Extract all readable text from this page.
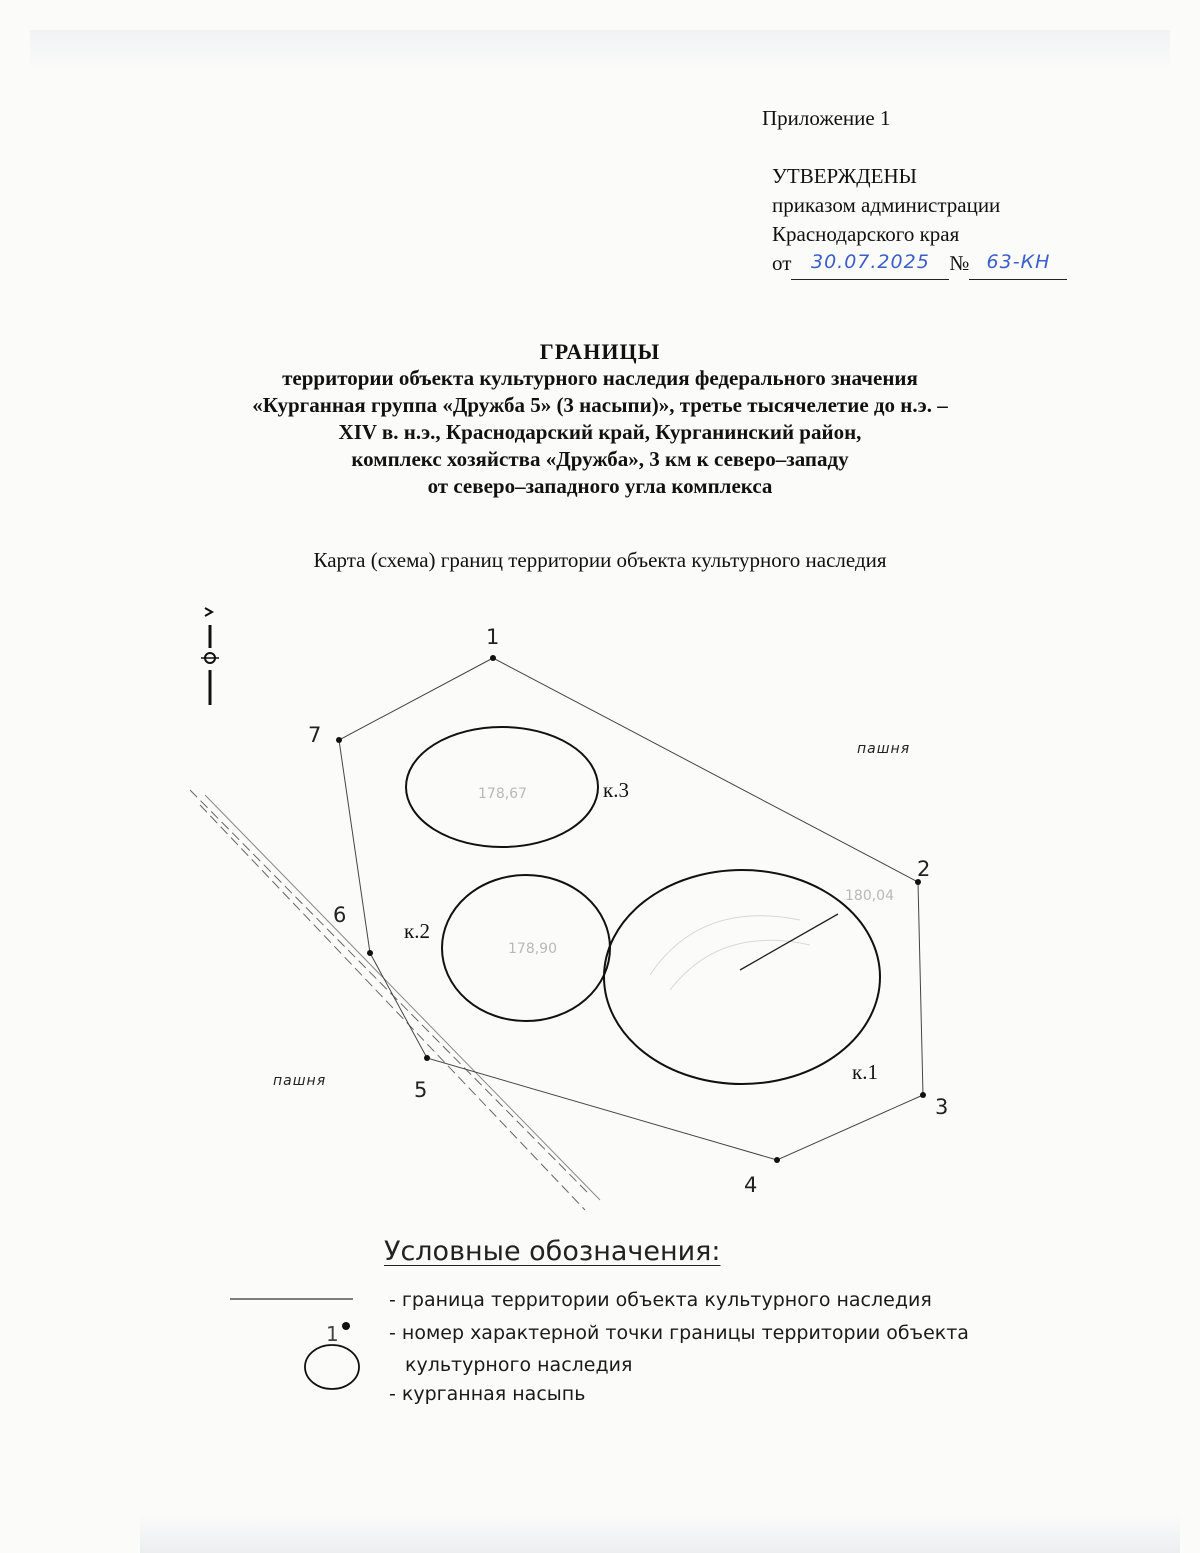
Приложение 1
УТВЕРЖДЕНЫ
приказом администрации
Краснодарского края
от 30.07.2025 № 63-КН
ГРАНИЦЫ
территории объекта культурного наследия федерального значения
«Курганная группа «Дружба 5» (3 насыпи)», третье тысячелетие до н.э. –
XIV в. н.э., Краснодарский край, Курганинский район,
комплекс хозяйства «Дружба», 3 км к северо–западу
от северо–западного угла комплекса
Карта (схема) границ территории объекта культурного наследия
1
2
3
4
5
6
7
к.1
к.2
к.3
пашня
пашня
178,67
178,90
180,04
1
Условные обозначения:
- граница территории объекта культурного наследия
- номер характерной точки границы территории объекта
культурного наследия
- курганная насыпь
